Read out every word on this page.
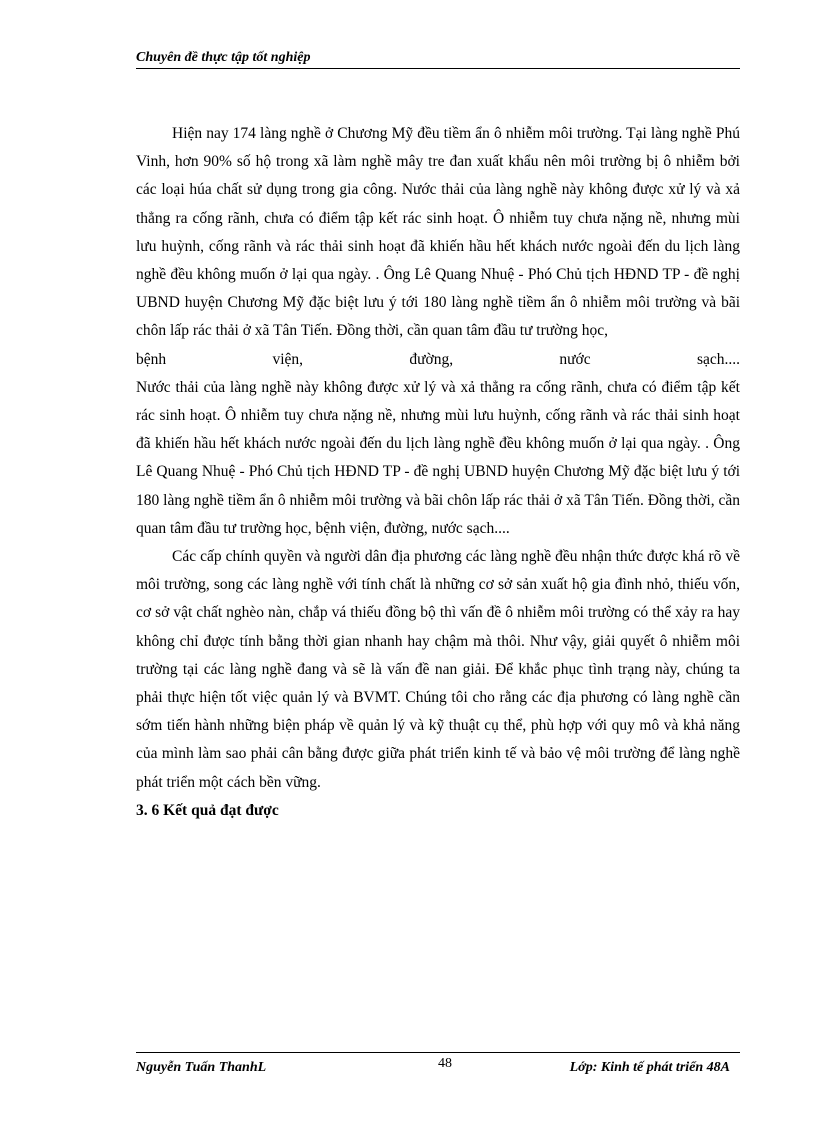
Chuyên đề thực tập tốt nghiệp

Hiện nay 174 làng nghề ở Chương Mỹ đều tiềm ẩn ô nhiễm môi trường. Tại làng nghề Phú Vinh, hơn 90% số hộ trong xã làm nghề mây tre đan xuất khẩu nên môi trường bị ô nhiễm bởi các loại húa chất sử dụng trong gia công. Nước thải của làng nghề này không được xử lý và xả thẳng ra cống rãnh, chưa có điểm tập kết rác sinh hoạt. Ô nhiễm tuy chưa nặng nề, nhưng mùi lưu huỳnh, cống rãnh và rác thải sinh hoạt đã khiến hầu hết khách nước ngoài đến du lịch làng nghề đều không muốn ở lại qua ngày. . Ông Lê Quang Nhuệ - Phó Chủ tịch HĐND TP - đề nghị UBND huyện Chương Mỹ đặc biệt lưu ý tới 180 làng nghề tiềm ẩn ô nhiễm môi trường và bãi chôn lấp rác thải ở xã Tân Tiến. Đồng thời, cần quan tâm đầu tư trường học,

bệnh viện, đường, nước sạch....

Nước thải của làng nghề này không được xử lý và xả thẳng ra cống rãnh, chưa có điểm tập kết rác sinh hoạt. Ô nhiễm tuy chưa nặng nề, nhưng mùi lưu huỳnh, cống rãnh và rác thải sinh hoạt đã khiến hầu hết khách nước ngoài đến du lịch làng nghề đều không muốn ở lại qua ngày. . Ông Lê Quang Nhuệ - Phó Chủ tịch HĐND TP - đề nghị UBND huyện Chương Mỹ đặc biệt lưu ý tới 180 làng nghề tiềm ẩn ô nhiễm môi trường và bãi chôn lấp rác thải ở xã Tân Tiến. Đồng thời, cần quan tâm đầu tư trường học, bệnh viện, đường, nước sạch....

Các cấp chính quyền và người dân địa phương các làng nghề đều nhận thức được khá rõ về môi trường, song các làng nghề với tính chất là những cơ sở sản xuất hộ gia đình nhỏ, thiếu vốn, cơ sở vật chất nghèo nàn, chắp vá thiếu đồng bộ thì vấn đề ô nhiễm môi trường có thể xảy ra hay không chỉ được tính bằng thời gian nhanh hay chậm mà thôi. Như vậy, giải quyết ô nhiễm môi trường tại các làng nghề đang và sẽ là vấn đề nan giải. Để khắc phục tình trạng này, chúng ta phải thực hiện tốt việc quản lý và BVMT. Chúng tôi cho rằng các địa phương có làng nghề cần sớm tiến hành những biện pháp về quản lý và kỹ thuật cụ thể, phù hợp với quy mô và khả năng của mình làm sao phải cân bằng được giữa phát triển kinh tế và bảo vệ môi trường để làng nghề phát triển một cách bền vững.

3. 6 Kết quả đạt được
Nguyễn Tuấn ThanhL	48	Lớp: Kinh tế phát triển 48A
